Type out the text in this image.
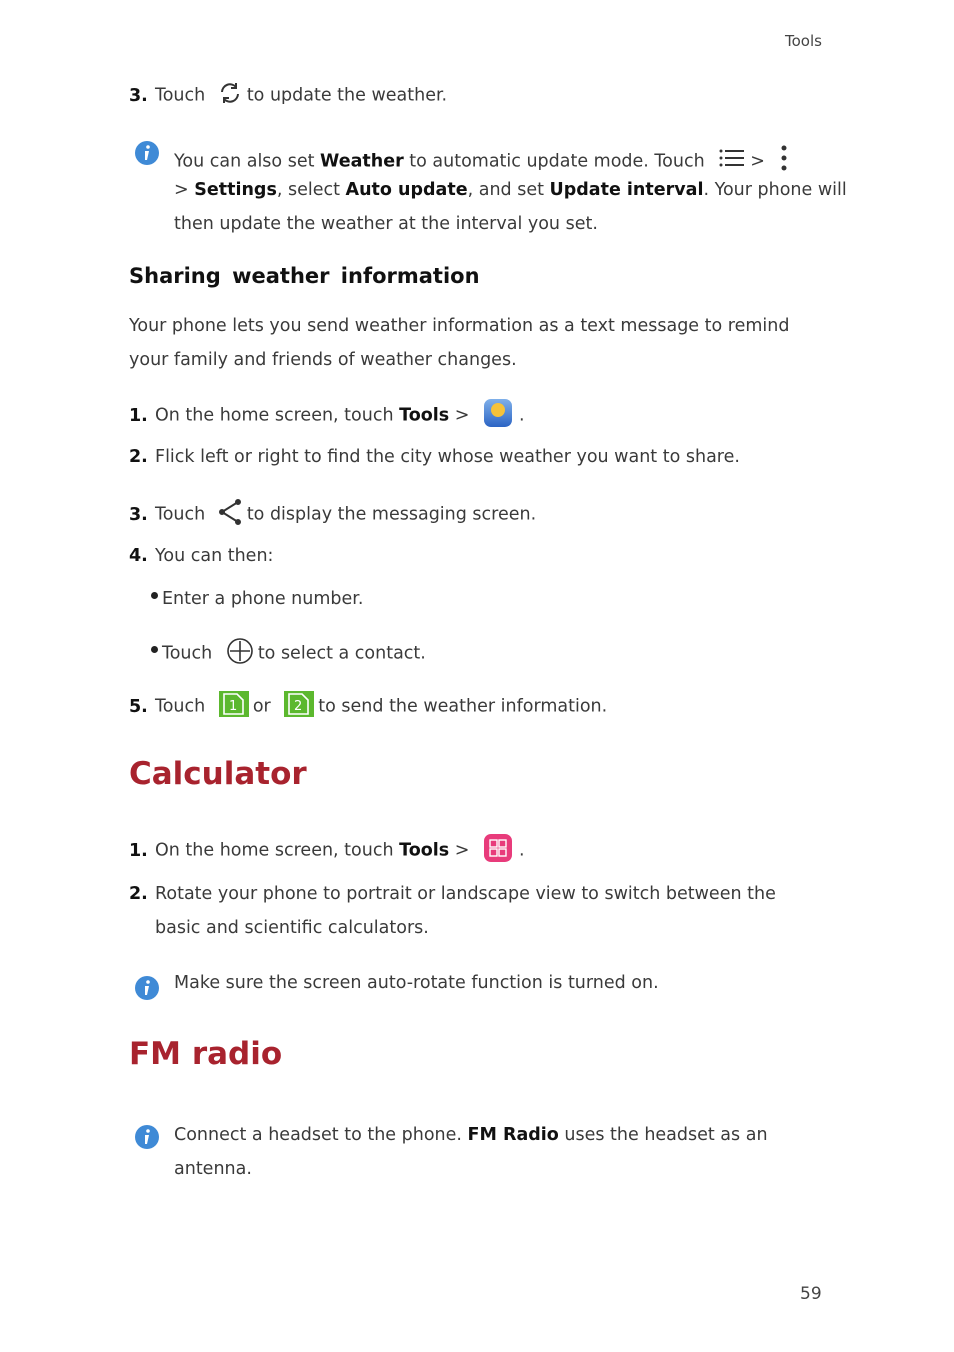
Tools
3. Touch to update the weather.
You can also set Weather to automatic update mode. Touch	>
> Settings, select Auto update, and set Update interval. Your phone will
then update the weather at the interval you set.
Sharing weather information
Your phone lets you send weather information as a text message to remind
your family and friends of weather changes.
1. On the home screen, touch Tools >	.
2. Flick left or right to find the city whose weather you want to share.
3. Touch to display the messaging screen.
4. You can then:
Enter a phone number.
Touch	to select a contact.
5. Touch 1 or 2 to send the weather information.
Calculator
1. On the home screen, touch Tools >	.
2. Rotate your phone to portrait or landscape view to switch between the
basic and scientific calculators.
Make sure the screen auto-rotate function is turned on.
FM radio
Connect a headset to the phone. FM Radio uses the headset as an
antenna.
59
